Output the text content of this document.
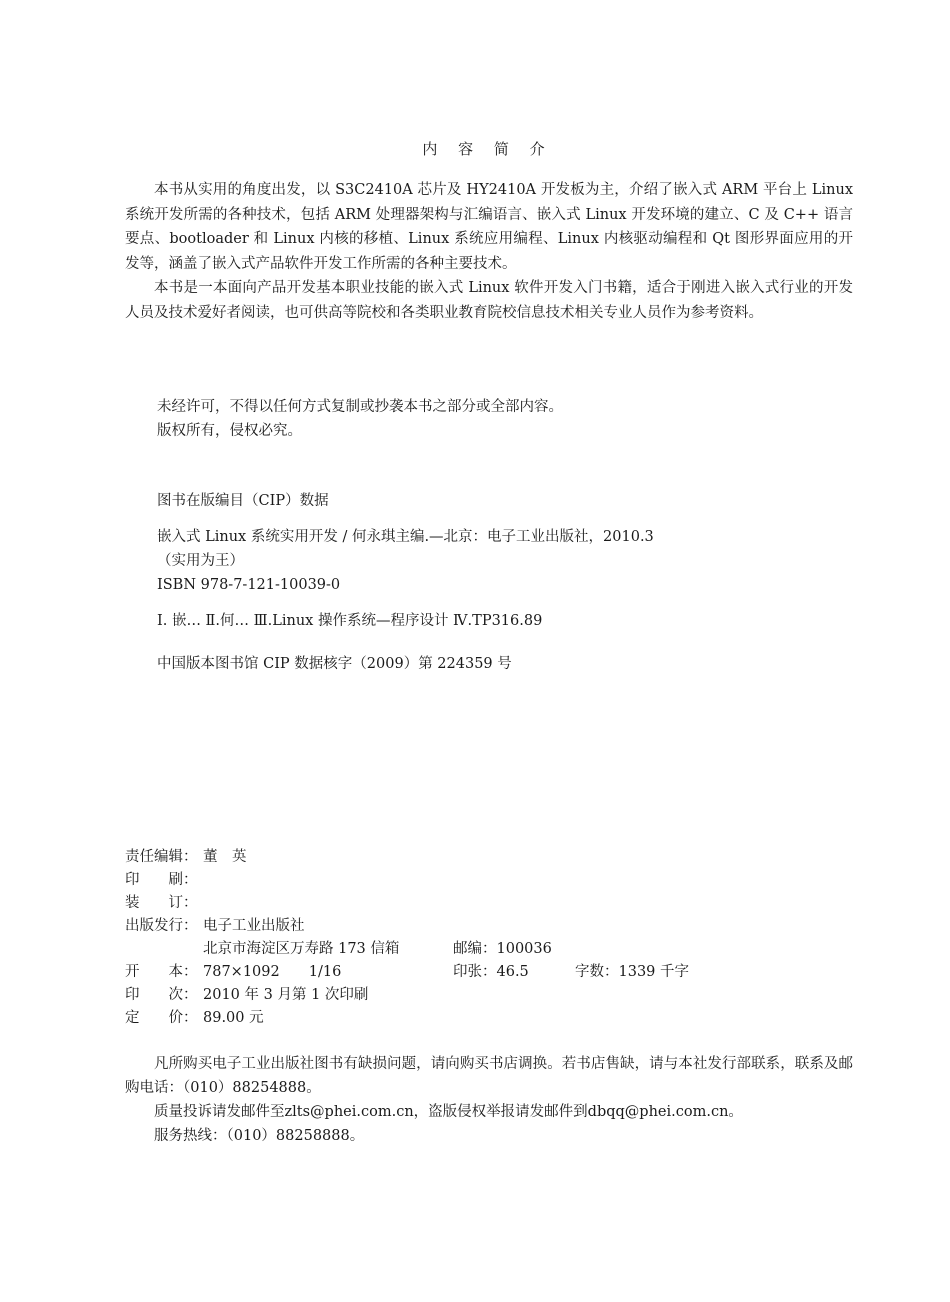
内 容 简 介

本书从实用的角度出发，以 S3C2410A 芯片及 HY2410A 开发板为主，介绍了嵌入式 ARM 平台上 Linux 系统开发所需的各种技术，包括 ARM 处理器架构与汇编语言、嵌入式 Linux 开发环境的建立、C 及 C++ 语言要点、bootloader 和 Linux 内核的移植、Linux 系统应用编程、Linux 内核驱动编程和 Qt 图形界面应用的开发等，涵盖了嵌入式产品软件开发工作所需的各种主要技术。

本书是一本面向产品开发基本职业技能的嵌入式 Linux 软件开发入门书籍，适合于刚进入嵌入式行业的开发人员及技术爱好者阅读，也可供高等院校和各类职业教育院校信息技术相关专业人员作为参考资料。

未经许可，不得以任何方式复制或抄袭本书之部分或全部内容。
版权所有，侵权必究。
图书在版编目（CIP）数据
嵌入式 Linux 系统实用开发 / 何永琪主编.—北京：电子工业出版社，2010.3
（实用为王）
ISBN 978-7-121-10039-0
Ⅰ. 嵌… Ⅱ.何… Ⅲ.Linux 操作系统—程序设计 Ⅳ.TP316.89
中国版本图书馆 CIP 数据核字（2009）第 224359 号
责任编辑： 董　英
印　　刷：
装　　订：
出版发行： 电子工业出版社
北京市海淀区万寿路 173 信箱	邮编：100036
开　　本： 787×1092　　1/16	印张：46.5	字数：1339 千字
印　　次： 2010 年 3 月第 1 次印刷
定　　价： 89.00 元

凡所购买电子工业出版社图书有缺损问题，请向购买书店调换。若书店售缺，请与本社发行部联系，联系及邮购电话：（010）88254888。

质量投诉请发邮件至zlts@phei.com.cn，盗版侵权举报请发邮件到dbqq@phei.com.cn。

服务热线：（010）88258888。
